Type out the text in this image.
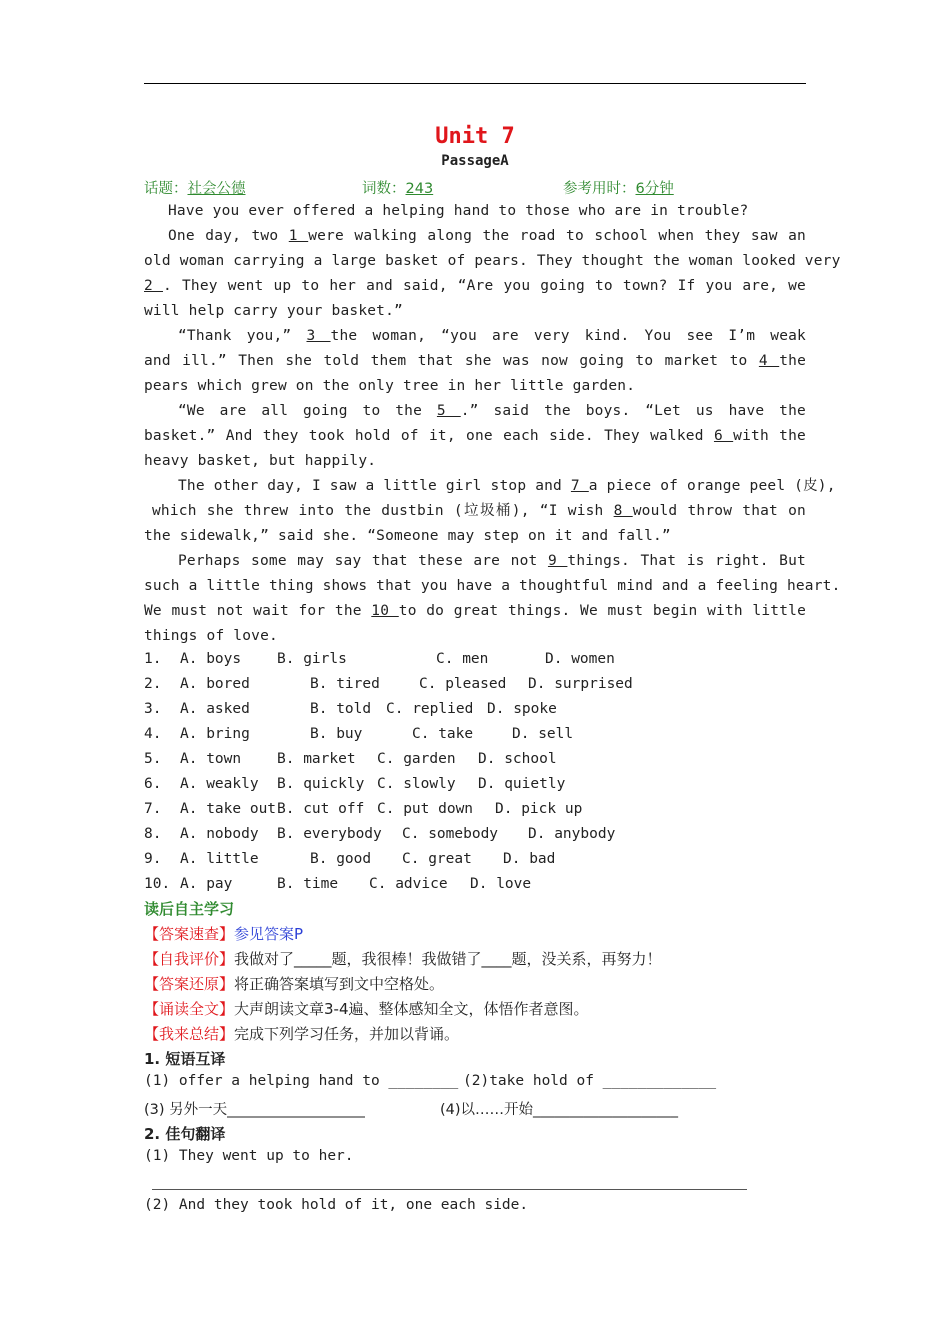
Unit 7
PassageA
话题：社会公德	词数：243	参考用时：6分钟
Have you ever offered a helping hand to those who are in trouble?
One day, two 1 were walking along the road to school when they saw an
old woman carrying a large basket of pears. They thought the woman looked very
2 . They went up to her and said, “Are you going to town? If you are, we
will help carry your basket.”
“Thank you,” 3 the woman, “you are very kind. You see I’m weak
and ill.” Then she told them that she was now going to market to 4 the
pears which grew on the only tree in her little garden.
“We are all going to the 5 .” said the boys. “Let us have the
basket.” And they took hold of it, one each side. They walked 6 with the
heavy basket, but happily.
The other day, I saw a little girl stop and 7 a piece of orange peel (皮),
which she threw into the dustbin (垃圾桶), “I wish 8 would throw that on
the sidewalk,” said she. “Someone may step on it and fall.”
Perhaps some may say that these are not 9 things. That is right. But
such a little thing shows that you have a thoughtful mind and a feeling heart.
We must not wait for the 10 to do great things. We must begin with little
things of love.
1. A. boys B. girls	C. men	D. women
2. A. bored	B. tired	C. pleased D. surprised
3. A. asked	B. told C. replied D. spoke
4. A. bring	B. buy	C. take	D. sell
5. A. town B. market C. garden D. school
6. A. weakly B. quickly C. slowly D. quietly
7. A. take out B. cut off C. put down D. pick up
8. A. nobody B. everybody C. somebody D. anybody
9. A. little	B. good C. great D. bad
10. A. pay	B. time C. advice D. love
读后自主学习
【答案速查】参见答案P
【自我评价】我做对了_____题，我很棒！我做错了____题，没关系，再努力！
【答案还原】将正确答案填写到文中空格处。
【诵读全文】大声朗读文章3-4遍、整体感知全文，体悟作者意图。
【我来总结】完成下列学习任务，并加以背诵。
1. 短语互译
(1) offer a helping hand to ________ (2)take hold of _____________
(3) 另外一天___________________	(4)以……开始____________________
2. 佳句翻译
(1) They went up to her.
(2) And they took hold of it, one each side.
